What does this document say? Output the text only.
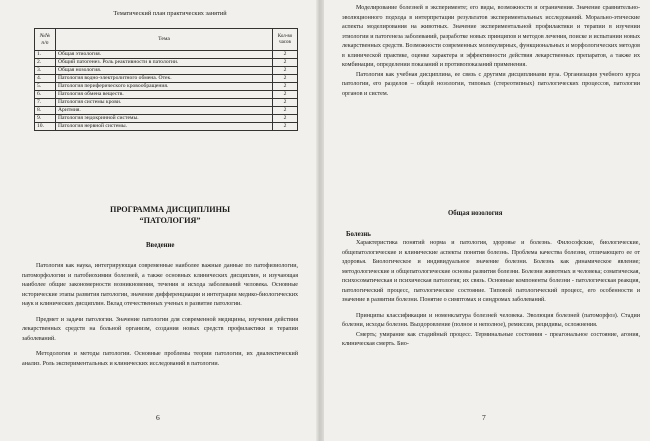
Тематический план практических занятий
№№ п/п	Тема	Кол-во часов
1.	Общая этиология.	2
2.	Общий патогенез. Роль реактивности в патологии.	2
3.	Общая нозология.	2
4.	Патология водно-электролитного обмена. Отек.	2
5.	Патология периферического кровообращения.	2
6.	Патология обмена веществ.	2
7.	Патология системы крови.	2
8.	Аритмия.	2
9.	Патология эндокринной системы.	2
10.	Патология нервной системы.	2
ПРОГРАММА ДИСЦИПЛИНЫ
“ПАТОЛОГИЯ”
Введение

Патология как наука, интегрирующая современные наиболее важные данные по патофизиологии, патоморфологии и патобиохимии болезней, а также основных клинических дисциплин, и изучающая наиболее общие закономерности возникновения, течения и исхода заболеваний человека. Основные исторические этапы развития патологии, значение дифференциации и интеграции медико-биологических наук и клинических дисциплин. Вклад отечественных ученых в развитие патологии.

Предмет и задачи патологии. Значение патологии для современной медицины, изучения действия лекарственных средств на больной организм, создания новых средств профилактики и терапии заболеваний.

Методология и методы патологии. Основные проблемы теории патологии, их диалектический анализ. Роль экспериментальных и клинических исследований в патологии.

6

Моделирование болезней в эксперименте; его виды, возможности и ограничения. Значение сравнительно-эволюционного подхода в интерпретации результатов экспериментальных исследований. Морально-этические аспекты моделирования на животных. Значение экспериментальной профилактики и терапии в изучении этиологии и патогенеза заболеваний, разработке новых принципов и методов лечения, поиске и испытании новых лекарственных средств. Возможности современных молекулярных, функциональных и морфологических методов в клинической практике, оценке характера и эффективности действия лекарственных препаратов, а также их комбинации, определении показаний и противопоказаний применения.

Патология как учебная дисциплина, ее связь с другими дисциплинами вуза. Организация учебного курса патологии, его разделов – общей нозологии, типовых (стереотипных) патологических процессов, патологии органов и систем.

Общая нозология
Болезнь

Характеристика понятий норма и патология, здоровье и болезнь. Философские, биологические, общепатологические и клинические аспекты понятия болезнь. Проблема качества болезни, отличающего ее от здоровья. Биологическое и индивидуальное значение болезни. Болезнь как динамическое явление; методологические и общепатологические основы развития болезни. Болезни животных и человека; соматическая, психосоматическая и психическая патология; их связь. Основные компоненты болезни - патологическая реакция, патологический процесс, патологическое состояние. Типовой патологический процесс, его особенности и значение в развитии болезни. Понятие о симптомах и синдромах заболеваний.

Принципы классификации и номенклатура болезней человека. Эволюция болезней (патоморфоз). Стадии болезни, исходы болезни. Выздоровление (полное и неполное), ремиссии, рецидивы, осложнения.

Смерть; умирание как стадийный процесс. Терминальные состояния - преагональное состояние, агония, клиническая смерть. Био-

7
